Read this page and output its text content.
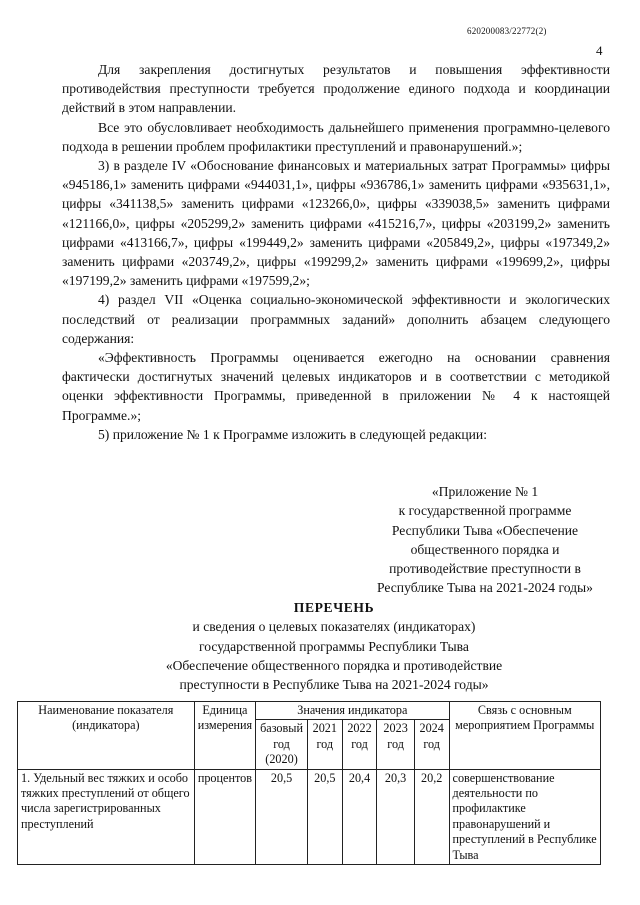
620200083/22772(2)
4

Для закрепления достигнутых результатов и повышения эффективности противодействия преступности требуется продолжение единого подхода и координации действий в этом направлении.

Все это обусловливает необходимость дальнейшего применения программно-целевого подхода в решении проблем профилактики преступлений и правонарушений.»;

3) в разделе IV «Обоснование финансовых и материальных затрат Программы» цифры «945186,1» заменить цифрами «944031,1», цифры «936786,1» заменить цифрами «935631,1», цифры «341138,5» заменить цифрами «123266,0», цифры «339038,5» заменить цифрами «121166,0», цифры «205299,2» заменить цифрами «415216,7», цифры «203199,2» заменить цифрами «413166,7», цифры «199449,2» заменить цифрами «205849,2», цифры «197349,2» заменить цифрами «203749,2», цифры «199299,2» заменить цифрами «199699,2», цифры «197199,2» заменить цифрами «197599,2»;

4) раздел VII «Оценка социально-экономической эффективности и экологических последствий от реализации программных заданий» дополнить абзацем следующего содержания:

«Эффективность Программы оценивается ежегодно на основании сравнения фактически достигнутых значений целевых индикаторов и в соответствии с методикой оценки эффективности Программы, приведенной в приложении № 4 к настоящей Программе.»;

5) приложение № 1 к Программе изложить в следующей редакции:

«Приложение № 1
к государственной программе
Республики Тыва «Обеспечение
общественного порядка и
противодействие преступности в
Республике Тыва на 2021-2024 годы»
ПЕРЕЧЕНЬ
и сведения о целевых показателях (индикаторах)
государственной программы Республики Тыва
«Обеспечение общественного порядка и противодействие
преступности в Республике Тыва на 2021-2024 годы»
Наименование показателя (индикатора)	Единица измерения	Значения индикатора					Связь с основным мероприятием Программы
		базовый год (2020)	2021 год	2022 год	2023 год	2024 год	
1. Удельный вес тяжких и особо тяжких преступлений от общего числа зарегистрированных преступлений	процентов	20,5	20,5	20,4	20,3	20,2	совершенствование деятельности по профилактике правонарушений и преступлений в Республике Тыва
